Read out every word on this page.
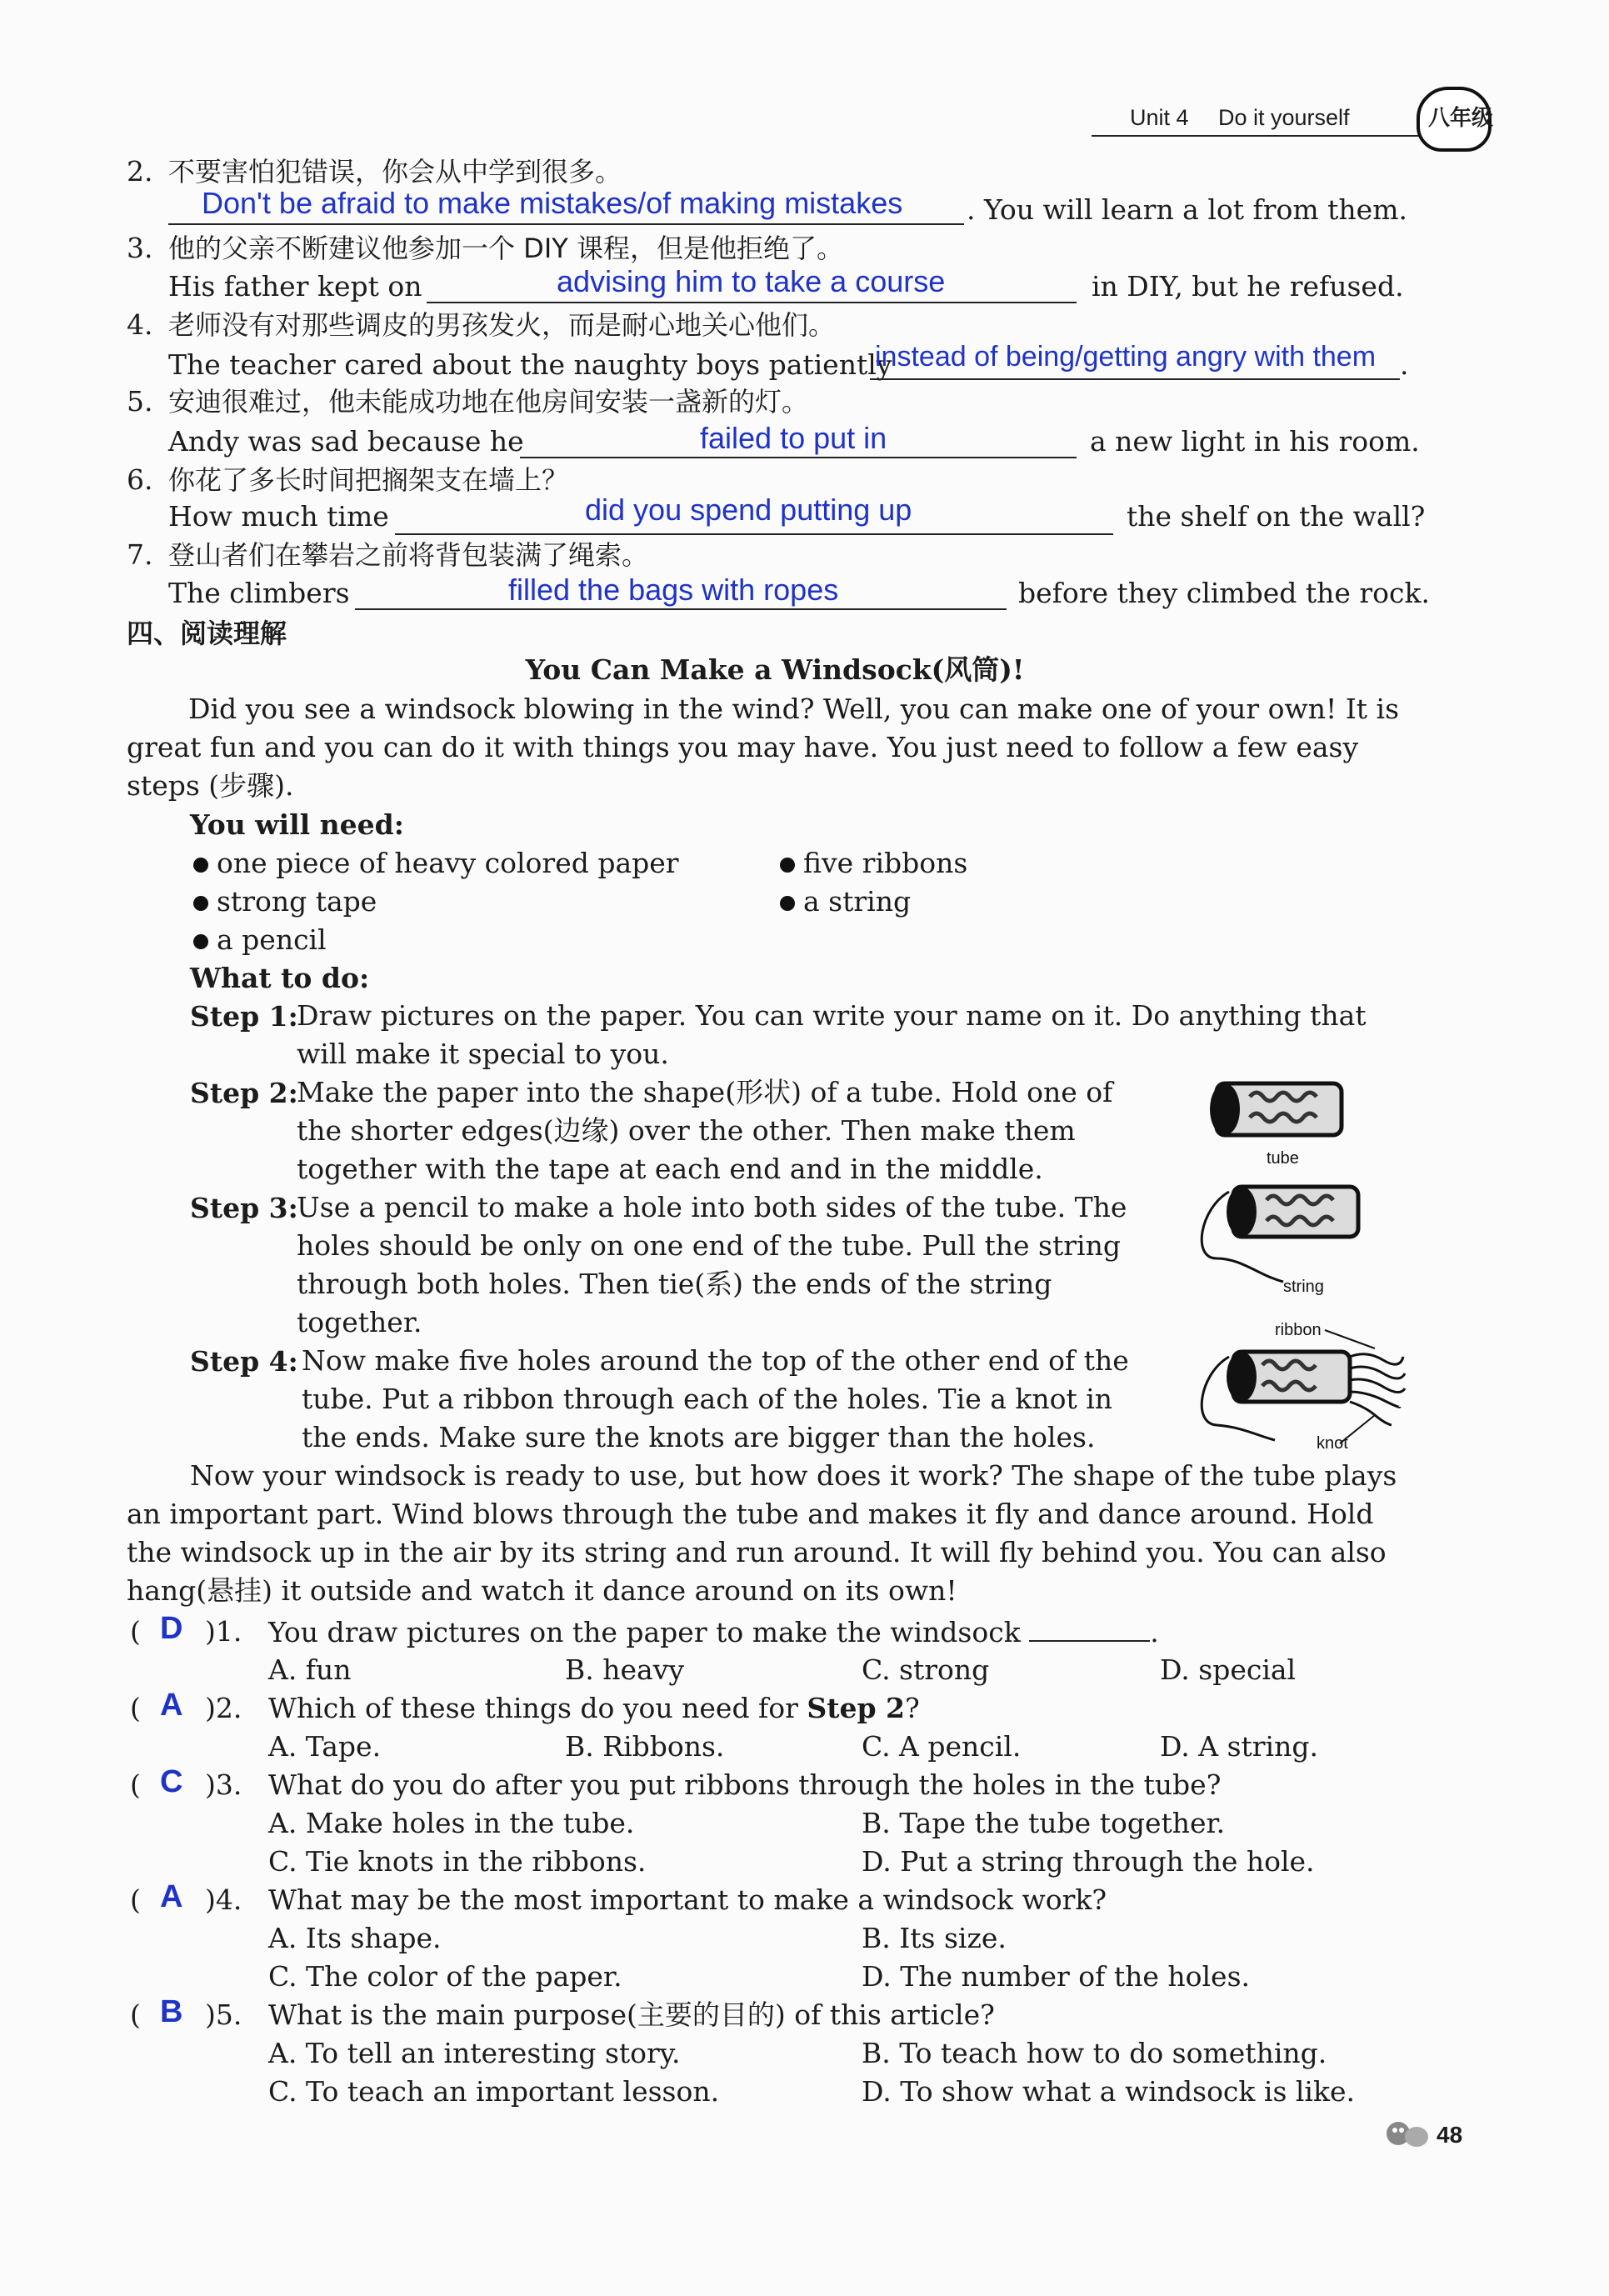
Unit 4 Do it yourself	八年级
2. 不要害怕犯错误，你会从中学到很多。
Don't be afraid to make mistakes/of making mistakes . You will learn a lot from them.
3. 他的父亲不断建议他参加一个 DIY 课程，但是他拒绝了。
His father kept on	advising him to take a course	in DIY, but he refused.
4. 老师没有对那些调皮的男孩发火，而是耐心地关心他们。
The teacher cared about the naughty boys patiently
instead of being/getting angry with them .
5. 安迪很难过，他未能成功地在他房间安装一盏新的灯。
Andy was sad because he	failed to put in	a new light in his room.
6. 你花了多长时间把搁架支在墙上？
How much time	did you spend putting up	the shelf on the wall?
7. 登山者们在攀岩之前将背包装满了绳索。
The climbers	filled the bags with ropes	before they climbed the rock.
四、阅读理解
You Can Make a Windsock(风筒)!
Did you see a windsock blowing in the wind? Well, you can make one of your own! It is great fun and you can do it with things you may have. You just need to follow a few easy steps (步骤).
You will need:
one piece of heavy colored paper
strong tape
a pencil
five ribbons
a string
What to do:
Step 1:
Draw pictures on the paper. You can write your name on it. Do anything that will make it special to you.
Step 2:
Make the paper into the shape(形状) of a tube. Hold one of the shorter edges(边缘) over the other. Then make them together with the tape at each end and in the middle.
Step 3:
Use a pencil to make a hole into both sides of the tube. The holes should be only on one end of the tube. Pull the string through both holes. Then tie(系) the ends of the string together.
Step 4: Now make five holes around the top of the other end of the tube. Put a ribbon through each of the holes. Tie a knot in the ends. Make sure the knots are bigger than the holes.
tube
string
ribbon
knot
Now your windsock is ready to use, but how does it work? The shape of the tube plays an important part. Wind blows through the tube and makes it fly and dance around. Hold the windsock up in the air by its string and run around. It will fly behind you. You can also hang(悬挂) it outside and watch it dance around on its own!
( D )1. You draw pictures on the paper to make the windsock	.
A. fun	B. heavy	C. strong	D. special
( A )2. Which of these things do you need for Step 2?
A. Tape.	B. Ribbons.	C. A pencil.	D. A string.
( C )3. What do you do after you put ribbons through the holes in the tube?
A. Make holes in the tube.	B. Tape the tube together.
C. Tie knots in the ribbons.	D. Put a string through the hole.
( A )4. What may be the most important to make a windsock work?
A. Its shape.	B. Its size.
C. The color of the paper.	D. The number of the holes.
( B )5. What is the main purpose(主要的目的) of this article?
A. To tell an interesting story.	B. To teach how to do something.
C. To teach an important lesson.	D. To show what a windsock is like.
48
